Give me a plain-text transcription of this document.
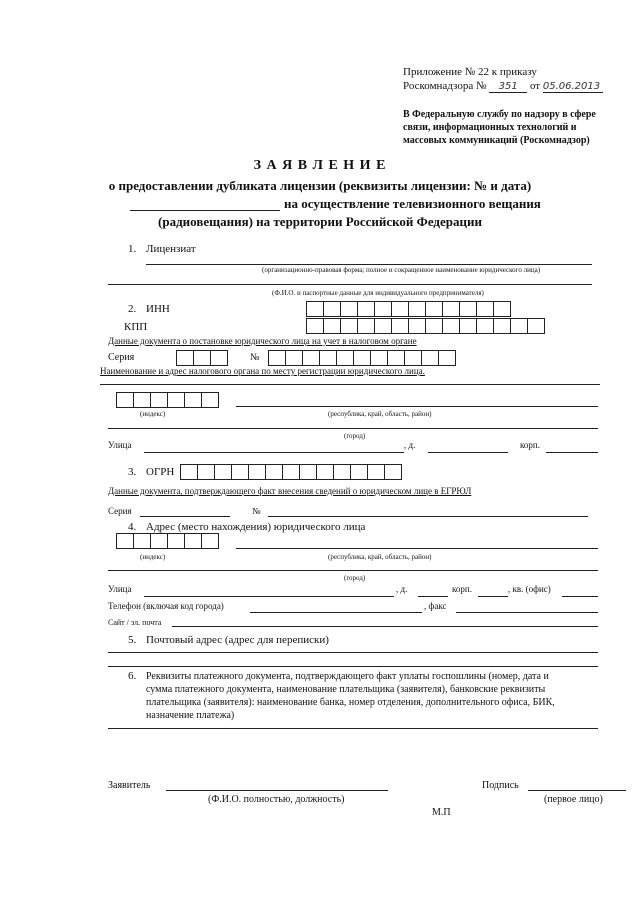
Приложение № 22 к приказу
Роскомнадзора № 351 от 05.06.2013
В Федеральную службу по надзору в сфере
связи, информационных технологий и
массовых коммуникаций (Роскомнадзор)
З А Я В Л Е Н И Е
о предоставлении дубликата лицензии (реквизиты лицензии: № и дата)
на осуществление телевизионного вещания
(радиовещания) на территории Российской Федерации
1. Лицензиат
(организационно-правовая форма; полное и сокращенное наименование юридического лица)
(Ф.И.О. и паспортные данные для индивидуального предпринимателя)
2. ИНН
КПП
Данные документа о постановке юридического лица на учет в налоговом органе
Серия	№
Наименование и адрес налогового органа по месту регистрации юридического лица.
(индекс)	(республика, край, область, район)
(город)
Улица	, д.	корп.
3. ОГРН
Данные документа, подтверждающего факт внесения сведений о юридическом лице в ЕГРЮЛ
Серия	№
4. Адрес (место нахождения) юридического лица
(индекс)	(республика, край, область, район)
(город)
Улица	, д.	корп.	, кв. (офис)
Телефон (включая код города)	, факс
Сайт / эл. почта
5. Почтовый адрес (адрес для переписки)
6. Реквизиты платежного документа, подтверждающего факт уплаты госпошлины (номер, дата и
сумма платежного документа, наименование плательщика (заявителя), банковские реквизиты
плательщика (заявителя): наименование банка, номер отделения, дополнительного офиса, БИК,
назначение платежа)
Заявитель
(Ф.И.О. полностью, должность)
Подпись
(первое лицо)
М.П
